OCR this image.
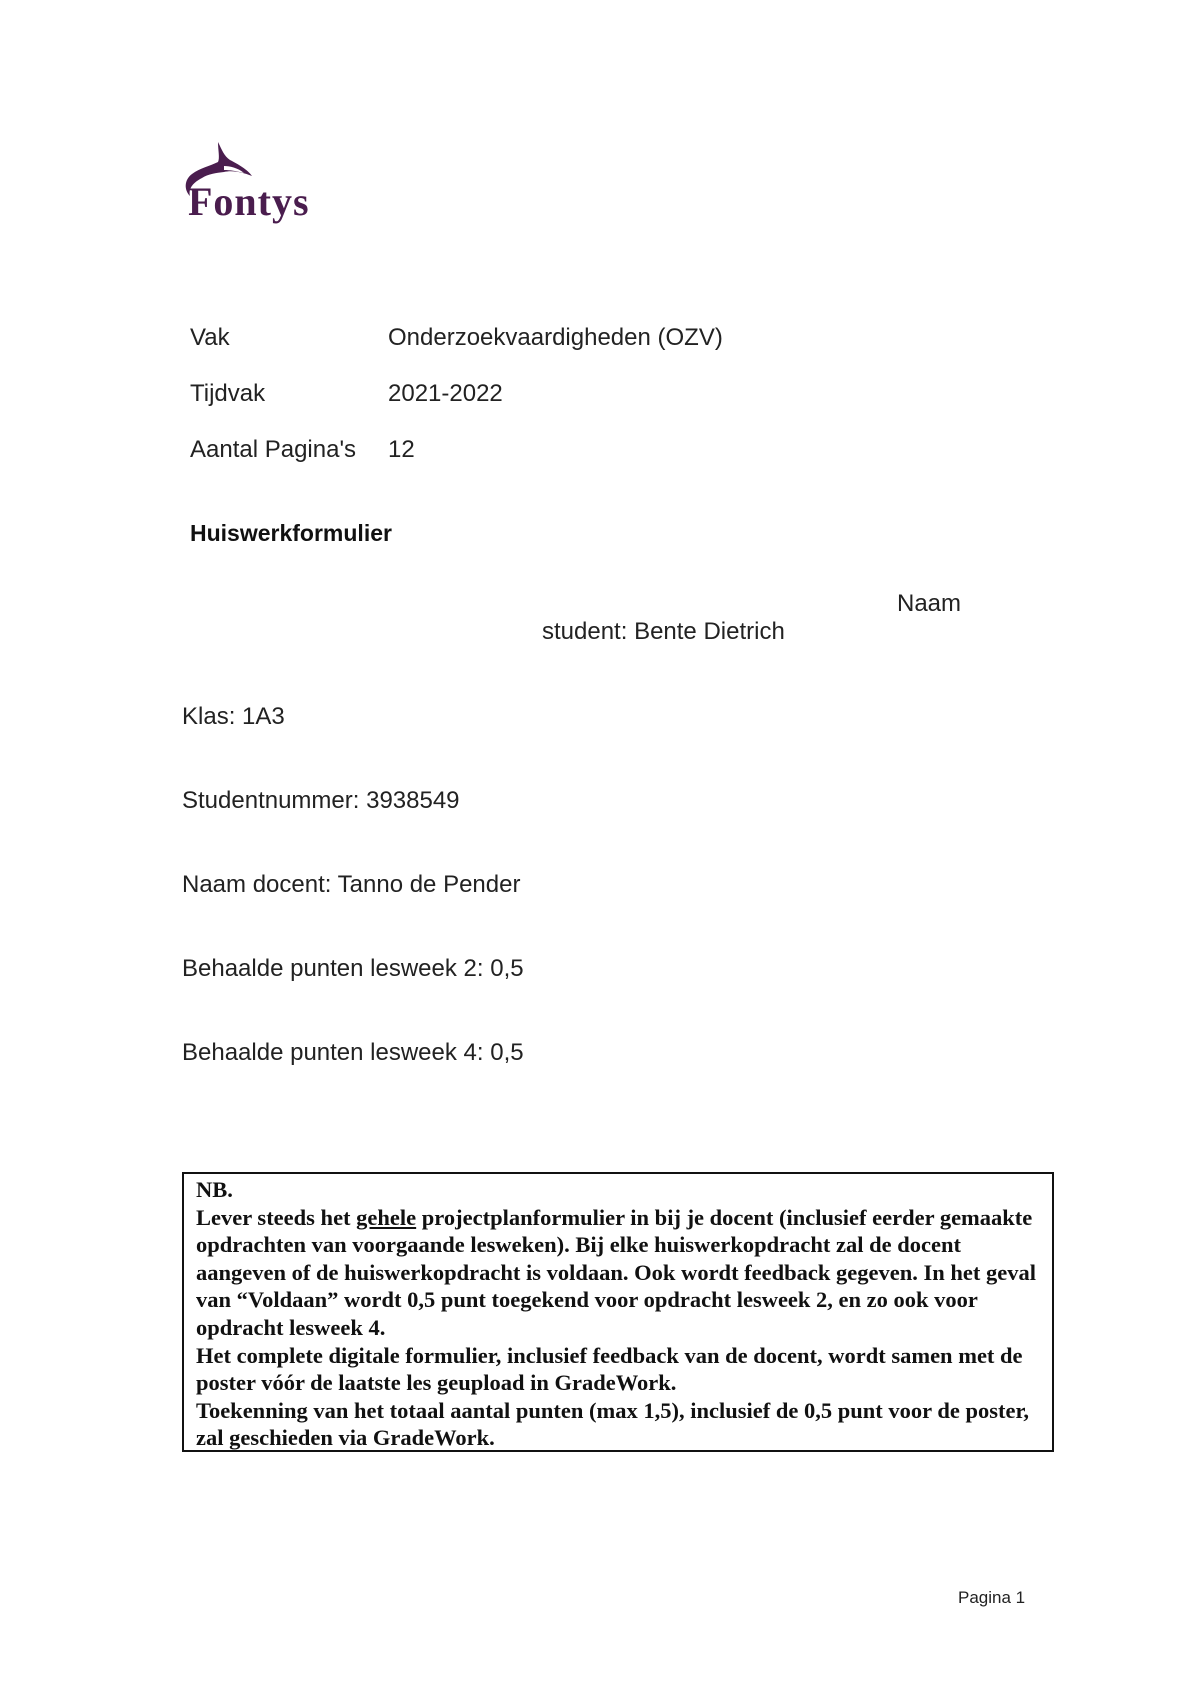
Fontys
Vak	Onderzoekvaardigheden (OZV)
Tijdvak	2021-2022
Aantal Pagina's 12
Huiswerkformulier
Naam
student: Bente Dietrich
Klas: 1A3
Studentnummer: 3938549
Naam docent: Tanno de Pender
Behaalde punten lesweek 2: 0,5
Behaalde punten lesweek 4: 0,5

NB.

Lever steeds het gehele projectplanformulier in bij je docent (inclusief eerder gemaakte opdrachten van voorgaande lesweken). Bij elke huiswerkopdracht zal de docent aangeven of de huiswerkopdracht is voldaan. Ook wordt feedback gegeven. In het geval van “Voldaan” wordt 0,5 punt toegekend voor opdracht lesweek 2, en zo ook voor opdracht lesweek 4.

Het complete digitale formulier, inclusief feedback van de docent, wordt samen met de poster vóór de laatste les geupload in GradeWork.

Toekenning van het totaal aantal punten (max 1,5), inclusief de 0,5 punt voor de poster, zal geschieden via GradeWork.

Pagina 1
